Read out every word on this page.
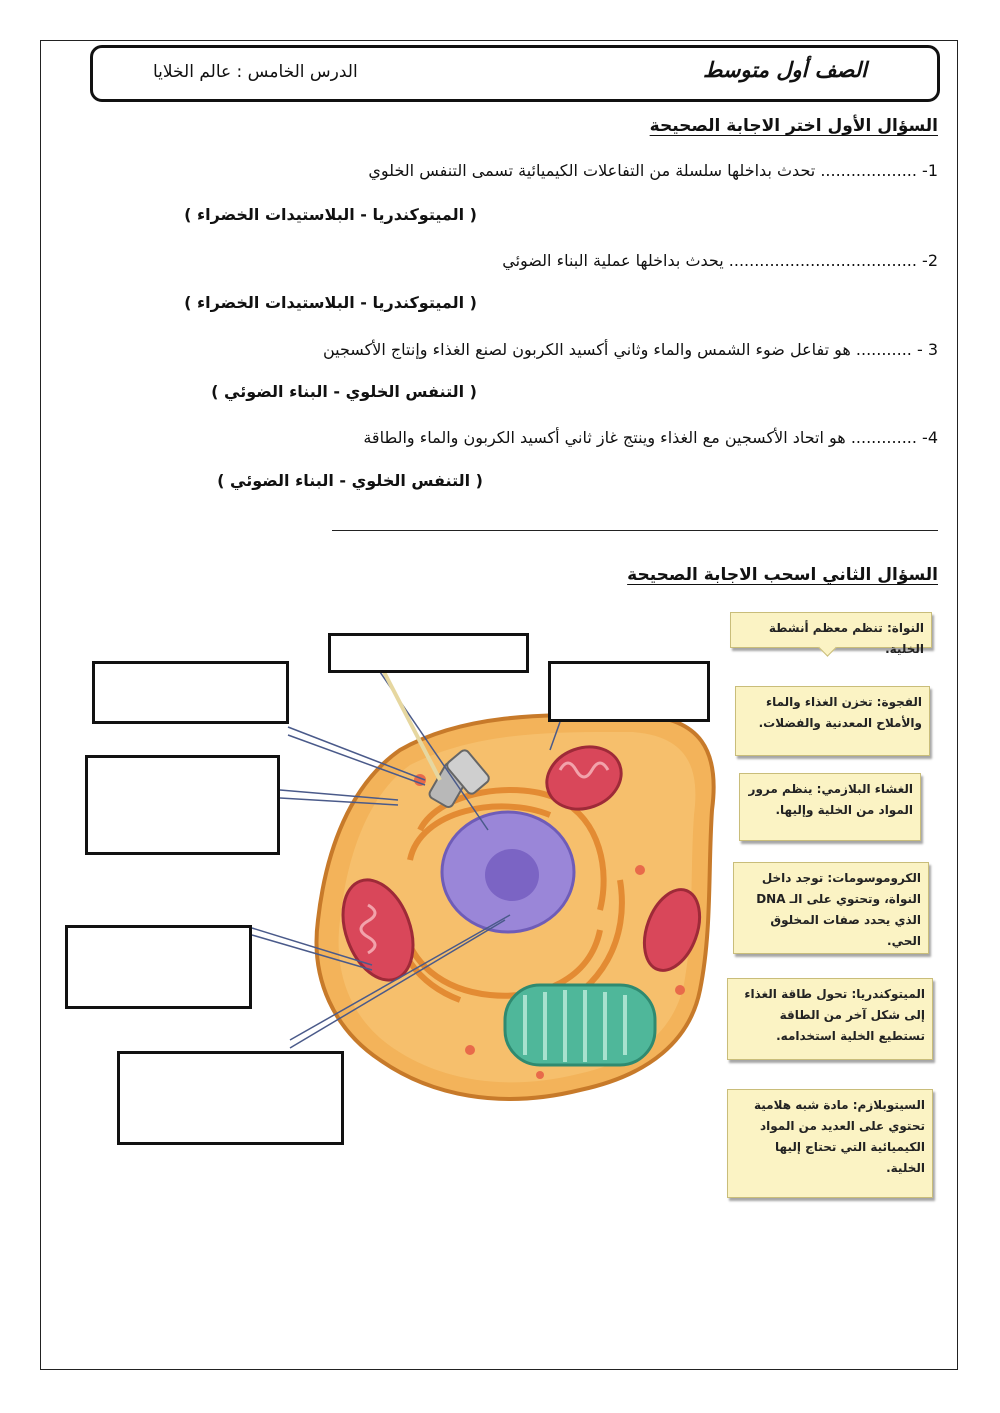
الصف أول متوسط
الدرس الخامس : عالم الخلايا
السؤال الأول اختر الاجابة الصحيحة
1- ................... تحدث بداخلها سلسلة من التفاعلات الكيميائية تسمى التنفس الخلوي
( الميتوكندريا - البلاستيدات الخضراء )
2- ..................................... يحدث بداخلها عملية البناء الضوئي
( الميتوكندريا - البلاستيدات الخضراء )
3 - ........... هو تفاعل ضوء الشمس والماء وثاني أكسيد الكربون لصنع الغذاء وإنتاج الأكسجين
( التنفس الخلوي - البناء الضوئي )
4- ............. هو اتحاد الأكسجين مع الغذاء وينتج غاز ثاني أكسيد الكربون والماء والطاقة
( التنفس الخلوي - البناء الضوئي )
السؤال الثاني اسحب الاجابة الصحيحة
النواة: تنظم معظم أنشطة الخلية.
الفجوة: تخزن الغذاء والماء والأملاح المعدنية والفضلات.
الغشاء البلازمي: ينظم مرور المواد من الخلية وإليها.
الكروموسومات: توجد داخل النواة، وتحتوي على الـ DNA الذي يحدد صفات المخلوق الحي.
الميتوكندريا: تحول طاقة الغذاء إلى شكل آخر من الطاقة تستطيع الخلية استخدامه.
السيتوبلازم: مادة شبه هلامية تحتوي على العديد من المواد الكيميائية التي تحتاج إليها الخلية.
